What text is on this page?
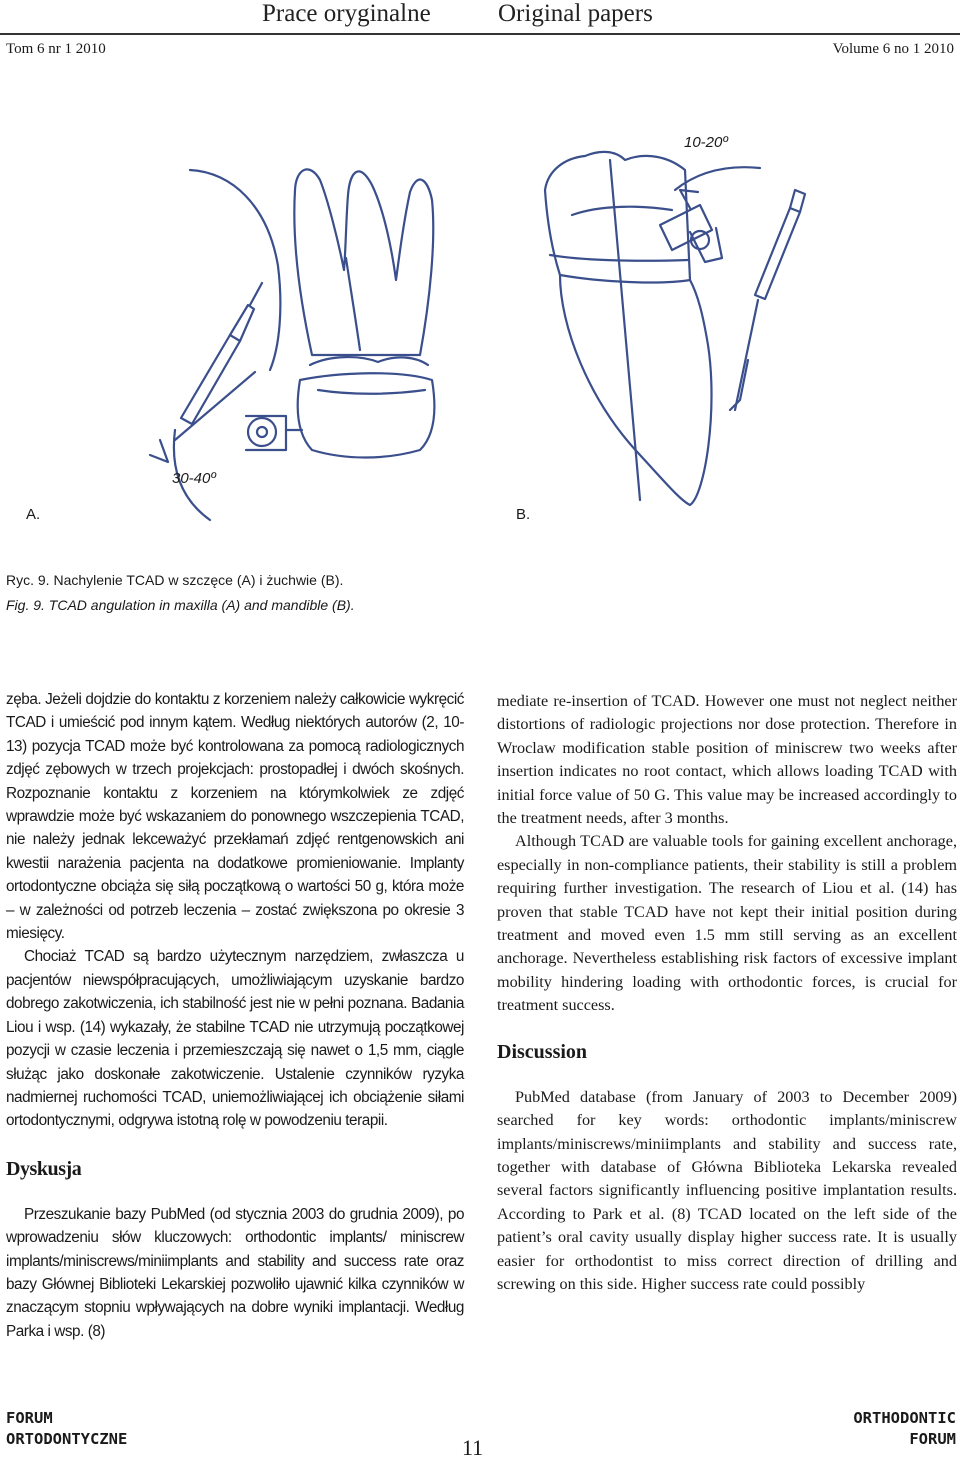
Prace oryginalne	Original papers
Tom 6 nr 1 2010	Volume 6 no 1 2010
10-20º
30-40º
A.	B.
Ryc. 9. Nachylenie TCAD w szczęce (A) i żuchwie (B).
Fig. 9. TCAD angulation in maxilla (A) and mandible (B).

zęba. Jeżeli dojdzie do kontaktu z korzeniem należy całkowicie wykręcić TCAD i umieścić pod innym kątem. Według niektórych autorów (2, 10-13) pozycja TCAD może być kontrolowana za pomocą radiologicznych zdjęć zębowych w trzech projekcjach: prostopadłej i dwóch skośnych. Rozpoznanie kontaktu z korzeniem na którymkolwiek ze zdjęć wprawdzie może być wskazaniem do ponownego wszczepienia TCAD, nie należy jednak lekceważyć przekłamań zdjęć rentgenowskich ani kwestii narażenia pacjenta na dodatkowe promieniowanie. Implanty ortodontyczne obciąża się siłą początkową o wartości 50 g, która może – w zależności od potrzeb leczenia – zostać zwiększona po okresie 3 miesięcy.

Chociaż TCAD są bardzo użytecznym narzędziem, zwłaszcza u pacjentów niewspółpracujących, umożliwiającym uzyskanie bardzo dobrego zakotwiczenia, ich stabilność jest nie w pełni poznana. Badania Liou i wsp. (14) wykazały, że stabilne TCAD nie utrzymują początkowej pozycji w czasie leczenia i przemieszczają się nawet o 1,5 mm, ciągle służąc jako doskonałe zakotwiczenie. Ustalenie czynników ryzyka nadmiernej ruchomości TCAD, uniemożliwiającej ich obciążenie siłami ortodontycznymi, odgrywa istotną rolę w powodzeniu terapii.

Dyskusja

Przeszukanie bazy PubMed (od stycznia 2003 do grudnia 2009), po wprowadzeniu słów kluczowych: orthodontic implants/ miniscrew implants/miniscrews/miniimplants and stability and success rate oraz bazy Głównej Biblioteki Lekarskiej pozwoliło ujawnić kilka czynników w znaczącym stopniu wpływających na dobre wyniki implantacji. Według Parka i wsp. (8)

mediate re-insertion of TCAD. However one must not neglect neither distortions of radiologic projections nor dose protection. Therefore in Wroclaw modification stable position of miniscrew two weeks after insertion indicates no root contact, which allows loading TCAD with initial force value of 50 G. This value may be increased accordingly to the treatment needs, after 3 months.

Although TCAD are valuable tools for gaining excellent anchorage, especially in non-compliance patients, their stability is still a problem requiring further investigation. The research of Liou et al. (14) has proven that stable TCAD have not kept their initial position during treatment and moved even 1.5 mm still serving as an excellent anchorage. Nevertheless establishing risk factors of excessive implant mobility hindering loading with orthodontic forces, is crucial for treatment success.

Discussion

PubMed database (from January of 2003 to December 2009) searched for key words: orthodontic implants/miniscrew implants/miniscrews/miniimplants and stability and success rate, together with database of Główna Biblioteka Lekarska revealed several factors significantly influencing positive implantation results. According to Park et al. (8) TCAD located on the left side of the patient’s oral cavity usually display higher success rate. It is usually easier for orthodontist to miss correct direction of drilling and screwing on this side. Higher success rate could possibly

FORUM
ORTODONTYCZNE	11
ORTHODONTIC
FORUM
